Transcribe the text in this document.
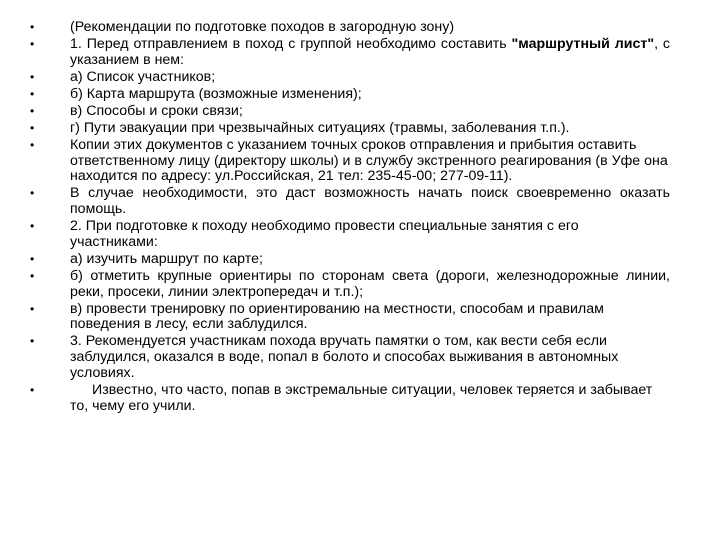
•	(Рекомендации по подготовке походов в загородную зону)
•	1. Перед отправлением в поход с группой необходимо составить "маршрутный лист", с указанием в нем:
•	а) Список участников;
•	б) Карта маршрута (возможные изменения);
•	в) Способы и сроки связи;
•	г) Пути эвакуации при чрезвычайных ситуациях (травмы, заболевания т.п.).
•	Копии этих документов с указанием точных сроков отправления и прибытия оставить ответственному лицу (директору школы) и в службу экстренного реагирования (в Уфе она находится по адресу: ул.Российская, 21 тел: 235-45-00; 277-09-11).
•	В случае необходимости, это даст возможность начать поиск своевременно оказать помощь.
•	2. При подготовке к походу необходимо провести специальные занятия с его участниками:
•	а) изучить маршрут по карте;
•	б) отметить крупные ориентиры по сторонам света (дороги, железнодорожные линии, реки, просеки, линии электропередач и т.п.);
•	в) провести тренировку по ориентированию на местности, способам и правилам поведения в лесу, если заблудился.
•	3. Рекомендуется участникам похода вручать памятки о том, как вести себя если заблудился, оказался в воде, попал в болото и способах выживания в автономных условиях.
•	Известно, что часто, попав в экстремальные ситуации, человек теряется и забывает то, чему его учили.
